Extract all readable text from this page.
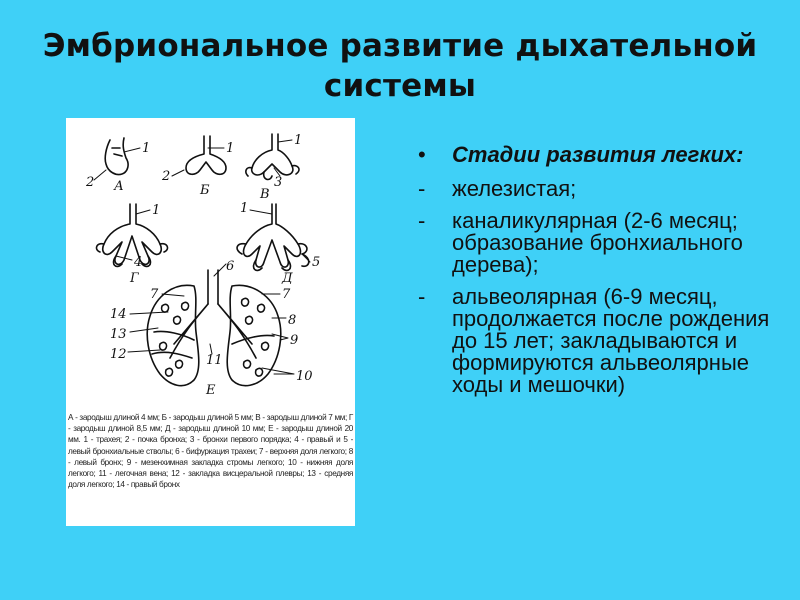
Эмбриональное развитие дыхательной системы
1
2 А
1
2
Б
1
3
В
1
4
Г
1
5
Д
6
7	7
8
9
10
11
12
13
14
Е
А - зародыш длиной 4 мм; Б - зародыш длиной 5 мм; В - зародыш длиной 7 мм; Г - зародыш длиной 8,5 мм; Д - зародыш длиной 10 мм; Е - зародыш длиной 20 мм. 1 - трахея; 2 - почка бронха; 3 - бронхи первого порядка; 4 - правый и 5 - левый бронхиальные стволы; 6 - бифуркация трахеи; 7 - верхняя доля легкого; 8 - левый бронх; 9 - мезенхимная закладка стромы легкого; 10 - нижняя доля легкого; 11 - легочная вена; 12 - закладка висцеральной плевры; 13 - средняя доля легкого; 14 - правый бронх
•	Стадии развития легких:
-	железистая;
-	каналикулярная (2-6 месяц; образование бронхиального дерева);
-	альвеолярная (6-9 месяц, продолжается после рождения до 15 лет; закладываются и формируются альвеолярные ходы и мешочки)
